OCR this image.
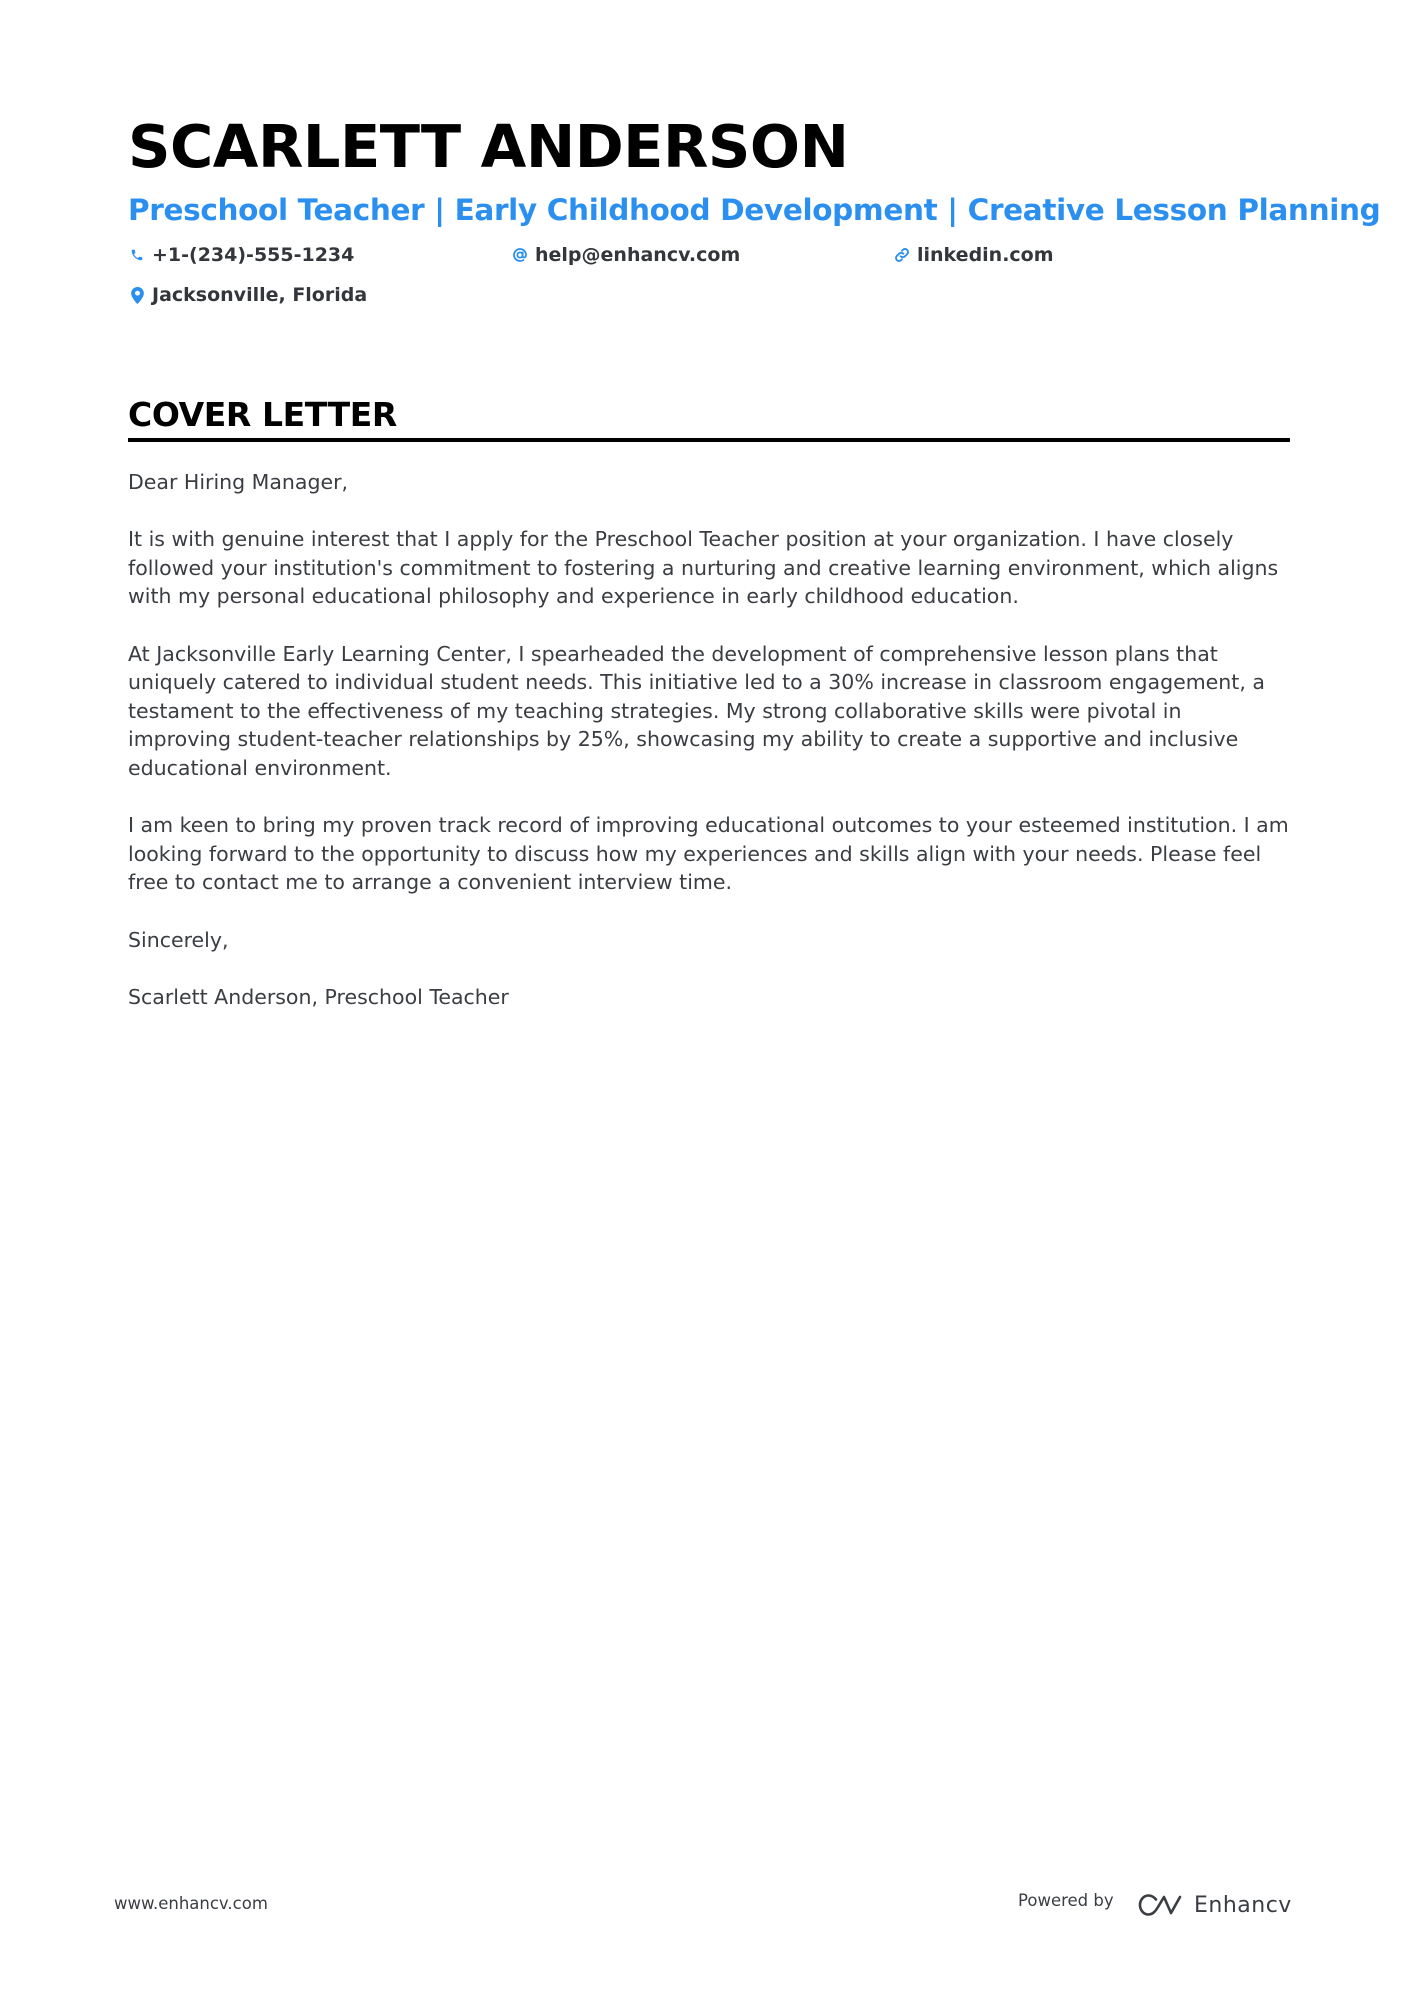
SCARLETT ANDERSON
Preschool Teacher | Early Childhood Development | Creative Lesson Planning
+1-(234)-555-1234	help@enhancv.com	linkedin.com
Jacksonville, Florida
COVER LETTER

Dear Hiring Manager,

It is with genuine interest that I apply for the Preschool Teacher position at your organization. I have closely followed your institution's commitment to fostering a nurturing and creative learning environment, which aligns with my personal educational philosophy and experience in early childhood education.

At Jacksonville Early Learning Center, I spearheaded the development of comprehensive lesson plans that uniquely catered to individual student needs. This initiative led to a 30% increase in classroom engagement, a testament to the effectiveness of my teaching strategies. My strong collaborative skills were pivotal in improving student-teacher relationships by 25%, showcasing my ability to create a supportive and inclusive educational environment.

I am keen to bring my proven track record of improving educational outcomes to your esteemed institution. I am looking forward to the opportunity to discuss how my experiences and skills align with your needs. Please feel free to contact me to arrange a convenient interview time.

Sincerely,

Scarlett Anderson, Preschool Teacher

www.enhancv.com	Powered by	Enhancv
